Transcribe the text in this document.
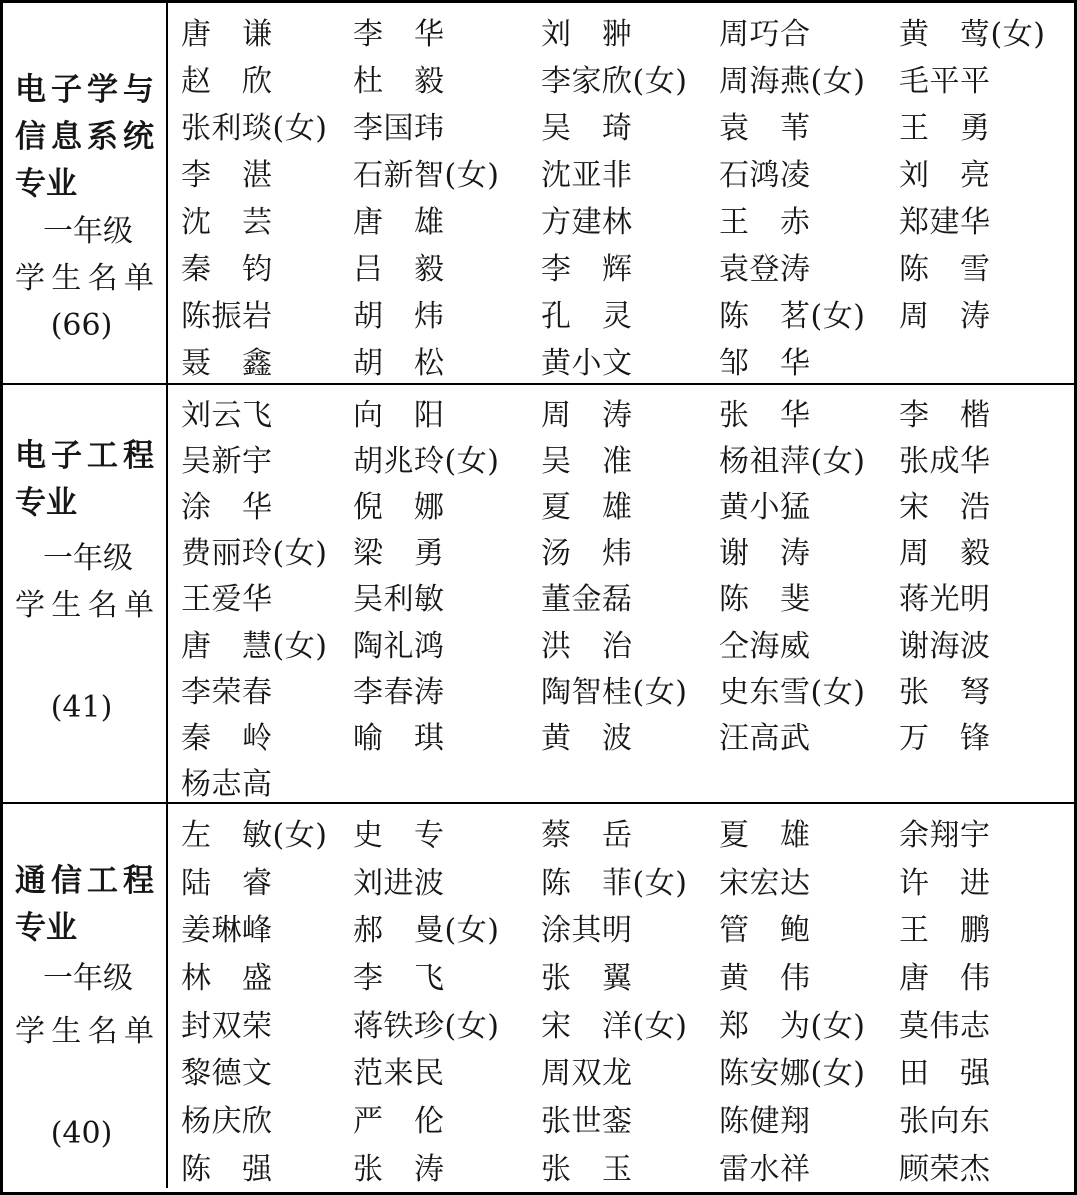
电子学与
信息系统
专业
一年级
学生名单
(66)
唐　谦	李　华	刘　翀	周巧合	黄　莺(女)
赵　欣	杜　毅	李家欣(女)	周海燕(女)	毛平平
张利琰(女) 李国玮	吴　琦	袁　苇	王　勇
李　湛	石新智(女)	沈亚非	石鸿凌	刘　亮
沈　芸	唐　雄	方建林	王　赤	郑建华
秦　钧	吕　毅	李　辉	袁登涛	陈　雪
陈振岩	胡　炜	孔　灵	陈　茗(女)	周　涛
聂　鑫	胡　松	黄小文	邹　华
电子工程
专业
一年级
学生名单
(41)
刘云飞	向　阳	周　涛	张　华	李　楷
吴新宇	胡兆玲(女)	吴　准	杨祖萍(女)	张成华
涂　华	倪　娜	夏　雄	黄小猛	宋　浩
费丽玲(女) 梁　勇	汤　炜	谢　涛	周　毅
王爱华	吴利敏	董金磊	陈　斐	蒋光明
唐　慧(女) 陶礼鸿	洪　治	仝海威	谢海波
李荣春	李春涛	陶智桂(女)	史东雪(女)	张　弩
秦　岭	喻　琪	黄　波	汪高武	万　锋
杨志高
通信工程
专业
一年级
学生名单
(40)
左　敏(女) 史　专	蔡　岳	夏　雄	余翔宇
陆　睿	刘进波	陈　菲(女)	宋宏达	许　进
姜琳峰	郝　曼(女)	涂其明	管　鲍	王　鹏
林　盛	李　飞	张　翼	黄　伟	唐　伟
封双荣	蒋铁珍(女)	宋　洋(女)	郑　为(女)	莫伟志
黎德文	范来民	周双龙	陈安娜(女)	田　强
杨庆欣	严　伦	张世銮	陈健翔	张向东
陈　强	张　涛	张　玉	雷水祥	顾荣杰
